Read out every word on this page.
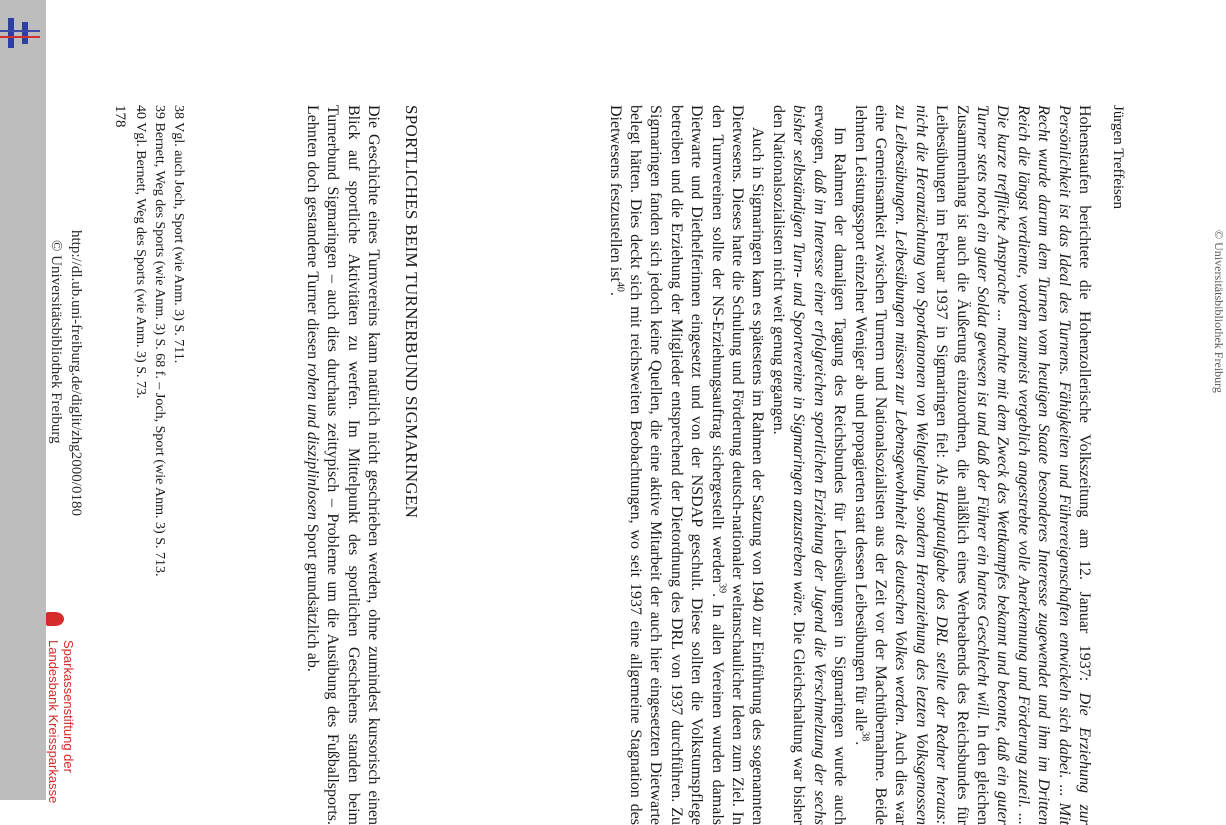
© Universitätsbibliothek Freiburg
Jürgen Treffeisen

Hohenstaufen berichtete die Hohenzollerische Volkszeitung am 12. Januar 1937: Die Erziehung zur Persönlichkeit ist das Ideal des Turnens. Fähigkeiten und Führereigenschaften entwickeln sich dabei. ... Mit Recht wurde darum dem Turnen vom heutigen Staate besonderes Interesse zugewendet und ihm im Dritten Reich die längst verdiente, vordem zumeist vergeblich angestrebte volle Anerkennung und Förderung zuteil. ... Die kurze treffliche Ansprache ... machte mit dem Zweck des Wettkampfes bekannt und betonte, daß ein guter Turner stets noch ein guter Soldat gewesen ist und daß der Führer ein hartes Geschlecht will. In den gleichen Zusammenhang ist auch die Äußerung einzuordnen, die anläßlich eines Werbeabends des Reichsbundes für Leibesübungen im Februar 1937 in Sigmaringen fiel: Als Hauptaufgabe des DRL stellte der Redner heraus: nicht die Heranzüchtung von Sportkanonen von Weltgeltung, sondern Heranziehung des letzten Volksgenossen zu Leibesübungen. Leibesübungen müssen zur Lebensgewohnheit des deutschen Volkes werden. Auch dies war eine Gemeinsamkeit zwischen Turnern und Nationalsozialisten aus der Zeit vor der Machtübernahme. Beide lehnten Leistungssport einzelner Weniger ab und propagierten statt dessen Leibesübungen für alle$^{38}$.

Im Rahmen der damaligen Tagung des Reichsbundes für Leibesübungen in Sigmaringen wurde auch erwogen, daß im Interesse einer erfolgreichen sportlichen Erziehung der Jugend die Verschmelzung der sechs bisher selbständigen Turn- und Sportvereine in Sigmaringen anzustreben wäre. Die Gleichschaltung war bisher den Nationalsozialisten nicht weit genug gegangen.

Auch in Sigmaringen kam es spätestens im Rahmen der Satzung von 1940 zur Einführung des sogenannten Dietwesens. Dieses hatte die Schulung und Förderung deutsch-nationaler weltanschaulicher Ideen zum Ziel. In den Turnvereinen sollte der NS-Erziehungsauftrag sichergestellt werden$^{39}$. In allen Vereinen wurden damals Dietwarte und Diethelferinnen eingesetzt und von der NSDAP geschult. Diese sollten die Volkstumspflege betreiben und die Erziehung der Mitglieder entsprechend der Dietordnung des DRL von 1937 durchführen. Zu Sigmaringen fanden sich jedoch keine Quellen, die eine aktive Mitarbeit der auch hier eingesetzten Dietwarte belegt hätten. Dies deckt sich mit reichsweiten Beobachtungen, wo seit 1937 eine allgemeine Stagnation des Dietwesens festzustellen ist$^{40}$.

SPORTLICHES BEIM TURNERBUND SIGMARINGEN

Die Geschichte eines Turnvereins kann natürlich nicht geschrieben werden, ohne zumindest kursorisch einen Blick auf sportliche Aktivitäten zu werfen. Im Mittelpunkt des sportlichen Geschehens standen beim Turnerbund Sigmaringen – auch dies durchaus zeittypisch – Probleme um die Ausübung des Fußballsports. Lehnten doch gestandene Turner diesen rohen und disziplinlosen Sport grundsätzlich ab.

38 Vgl. auch Joch, Sport (wie Anm. 3) S. 711.
39 Bernett, Weg des Sports (wie Anm. 3) S. 68 f. – Joch, Sport (wie Anm. 3) S. 713.
40 Vgl. Bernett, Weg des Sports (wie Anm. 3) S. 73.
178
http://dl.ub.uni-freiburg.de/diglit/zhg2000/0180
© Universitätsbibliothek Freiburg
Sparkassenstiftung der
Landesbank Kreissparkasse
